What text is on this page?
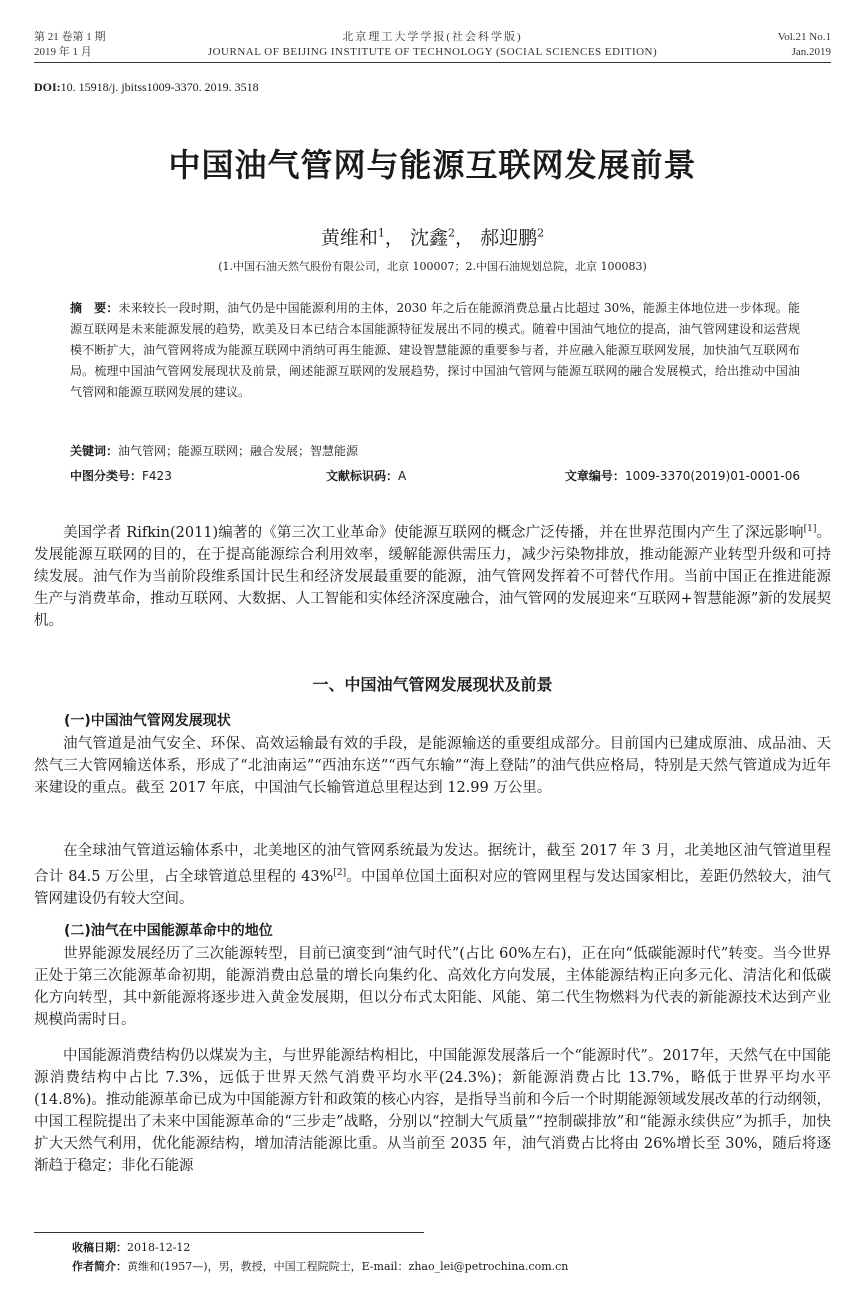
第 21 卷第 1 期
2019 年 1 月
北京理工大学学报(社会科学版)
JOURNAL OF BEIJING INSTITUTE OF TECHNOLOGY (SOCIAL SCIENCES EDITION)
Vol.21 No.1
Jan.2019
DOI:10. 15918/j. jbitss1009-3370. 2019. 3518
中国油气管网与能源互联网发展前景
黄维和$^1$， 沈鑫$^2$， 郝迎鹏$^2$
(1.中国石油天然气股份有限公司，北京 100007；2.中国石油规划总院，北京 100083)
摘　要：未来较长一段时期，油气仍是中国能源利用的主体，2030 年之后在能源消费总量占比超过 30%，能源主体地位进一步体现。能源互联网是未来能源发展的趋势，欧美及日本已结合本国能源特征发展出不同的模式。随着中国油气地位的提高，油气管网建设和运营规模不断扩大，油气管网将成为能源互联网中消纳可再生能源、建设智慧能源的重要参与者，并应融入能源互联网发展，加快油气互联网布局。梳理中国油气管网发展现状及前景，阐述能源互联网的发展趋势，探讨中国油气管网与能源互联网的融合发展模式，给出推动中国油气管网和能源互联网发展的建议。
关键词：油气管网；能源互联网；融合发展；智慧能源
中图分类号：F423	文献标识码：A	文章编号：1009-3370(2019)01-0001-06

美国学者 Rifkin(2011)编著的《第三次工业革命》使能源互联网的概念广泛传播，并在世界范围内产生了深远影响[1]。发展能源互联网的目的，在于提高能源综合利用效率，缓解能源供需压力，减少污染物排放，推动能源产业转型升级和可持续发展。油气作为当前阶段维系国计民生和经济发展最重要的能源，油气管网发挥着不可替代作用。当前中国正在推进能源生产与消费革命，推动互联网、大数据、人工智能和实体经济深度融合，油气管网的发展迎来“互联网+智慧能源”新的发展契机。

一、中国油气管网发展现状及前景
(一)中国油气管网发展现状

油气管道是油气安全、环保、高效运输最有效的手段，是能源输送的重要组成部分。目前国内已建成原油、成品油、天然气三大管网输送体系，形成了“北油南运”“西油东送”“西气东输”“海上登陆”的油气供应格局，特别是天然气管道成为近年来建设的重点。截至 2017 年底，中国油气长输管道总里程达到 12.99 万公里。

在全球油气管道运输体系中，北美地区的油气管网系统最为发达。据统计，截至 2017 年 3 月，北美地区油气管道里程合计 84.5 万公里，占全球管道总里程的 43%[2]。中国单位国土面积对应的管网里程与发达国家相比，差距仍然较大，油气管网建设仍有较大空间。

(二)油气在中国能源革命中的地位

世界能源发展经历了三次能源转型，目前已演变到“油气时代”(占比 60%左右)，正在向“低碳能源时代”转变。当今世界正处于第三次能源革命初期，能源消费由总量的增长向集约化、高效化方向发展，主体能源结构正向多元化、清洁化和低碳化方向转型，其中新能源将逐步进入黄金发展期，但以分布式太阳能、风能、第二代生物燃料为代表的新能源技术达到产业规模尚需时日。

中国能源消费结构仍以煤炭为主，与世界能源结构相比，中国能源发展落后一个“能源时代”。2017年，天然气在中国能源消费结构中占比 7.3%，远低于世界天然气消费平均水平(24.3%)；新能源消费占比 13.7%，略低于世界平均水平(14.8%)。推动能源革命已成为中国能源方针和政策的核心内容，是指导当前和今后一个时期能源领域发展改革的行动纲领，中国工程院提出了未来中国能源革命的“三步走”战略，分别以“控制大气质量”“控制碳排放”和“能源永续供应”为抓手，加快扩大天然气利用，优化能源结构，增加清洁能源比重。从当前至 2035 年，油气消费占比将由 26%增长至 30%，随后将逐渐趋于稳定；非化石能源

收稿日期：2018-12-12
作者简介：黄维和(1957—)，男，教授，中国工程院院士，E-mail：zhao_lei@petrochina.com.cn
